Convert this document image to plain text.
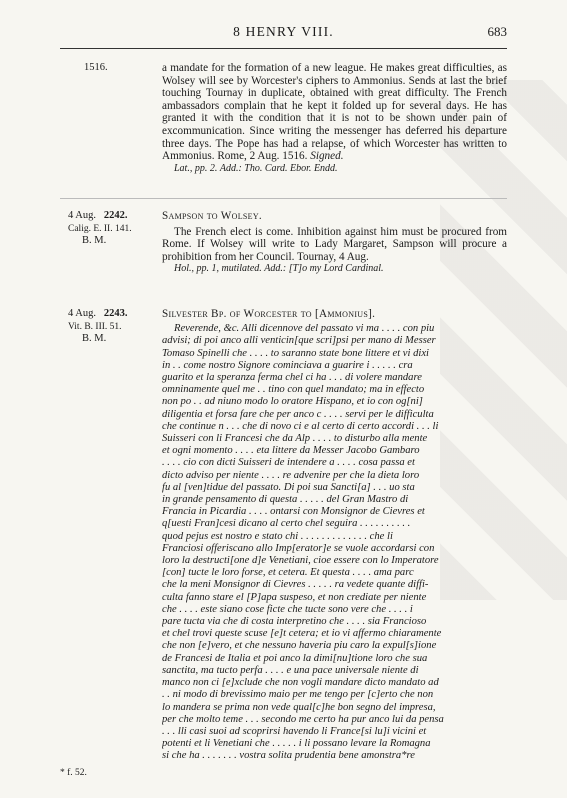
8 HENRY VIII.	683
1516.	a mandate for the formation of a new league. He makes great difficulties, as Wolsey will see by Worcester's ciphers to Ammonius. Sends at last the brief touching Tournay in duplicate, obtained with great difficulty. The French ambassadors complain that he kept it folded up for several days. He has granted it with the condition that it is not to be shown under pain of excommunication. Since writing the messenger has deferred his departure three days. The Pope has had a relapse, of which Worcester has written to Ammonius. Rome, 2 Aug. 1516. Signed.

Lat., pp. 2. Add.: Tho. Card. Ebor. Endd.

4 Aug. 2242.
Calig. E. II. 141.
B. M.

Sampson to Wolsey.

The French elect is come. Inhibition against him must be procured from Rome. If Wolsey will write to Lady Margaret, Sampson will procure a prohibition from her Council. Tournay, 4 Aug.

Hol., pp. 1, mutilated. Add.: [T]o my Lord Cardinal.

4 Aug. 2243.
Vit. B. III. 51.
B. M.

Silvester Bp. of Worcester to [Ammonius].

Reverende, &c. Alli dicennove del passato vi ma . . . . con piu
advisi; di poi anco alli venticin[que scri]psi per mano di Messer
Tomaso Spinelli che . . . . to saranno state bone littere et vi dixi
in . . come nostro Signore cominciava a guarire i . . . . . cra
guarito et la speranza ferma chel ci ha . . . di volere mandare
omninamente quel me . . tino con quel mandato; ma in effecto
non po . . ad niuno modo lo oratore Hispano, et io con og[ni]
diligentia et forsa fare che per anco c . . . . servi per le difficulta
che continue n . . . che di novo ci e al certo di certo accordi . . . li
Suisseri con li Francesi che da Alp . . . . to disturbo alla mente
et ogni momento . . . . eta littere da Messer Jacobo Gambaro
. . . . cio con dicti Suisseri de intendere a . . . . cosa passa et
dicto adviso per niente . . . . re advenire per che la dieta loro
fu al [ven]tidue del passato. Di poi sua Sancti[a] . . . uo sta
in grande pensamento di questa . . . . . del Gran Mastro di
Francia in Picardia . . . . ontarsi con Monsignor de Cievres et
q[uesti Fran]cesi dicano al certo chel seguira . . . . . . . . . .
quod pejus est nostro e stato chi . . . . . . . . . . . . . che li
Franciosi offeriscano allo Imp[erator]e se vuole accordarsi con
loro la destructi[one d]e Venetiani, cioe essere con lo Imperatore
[con] tucte le loro forse, et cetera. Et questa . . . . ama parc
che la meni Monsignor di Cievres . . . . . ra vedete quante diffi-
culta fanno stare el [P]apa suspeso, et non crediate per niente
che . . . . este siano cose ficte che tucte sono vere che . . . . i
pare tucta via che di costa interpretino che . . . . sia Francioso
et chel trovi queste scuse [e]t cetera; et io vi affermo chiaramente
che non [e]vero, et che nessuno haveria piu caro la expul[s]ione
de Francesi de Italia et poi anco la dimi[nu]tione loro che sua
sanctita, ma tucto perfa . . . . e una pace universale niente di
manco non ci [e]xclude che non vogli mandare dicto mandato ad
. . ni modo di brevissimo maio per me tengo per [c]erto che non
lo mandera se prima non vede qual[c]he bon segno del impresa,
per che molto teme . . . secondo me certo ha pur anco lui da pensa
. . . lli casi suoi ad scoprirsi havendo li France[si lu]i vicini et
potenti et li Venetiani che . . . . . i li possano levare la Romagna
si che ha . . . . . . . vostra solita prudentia bene amonstra*re
* f. 52.
